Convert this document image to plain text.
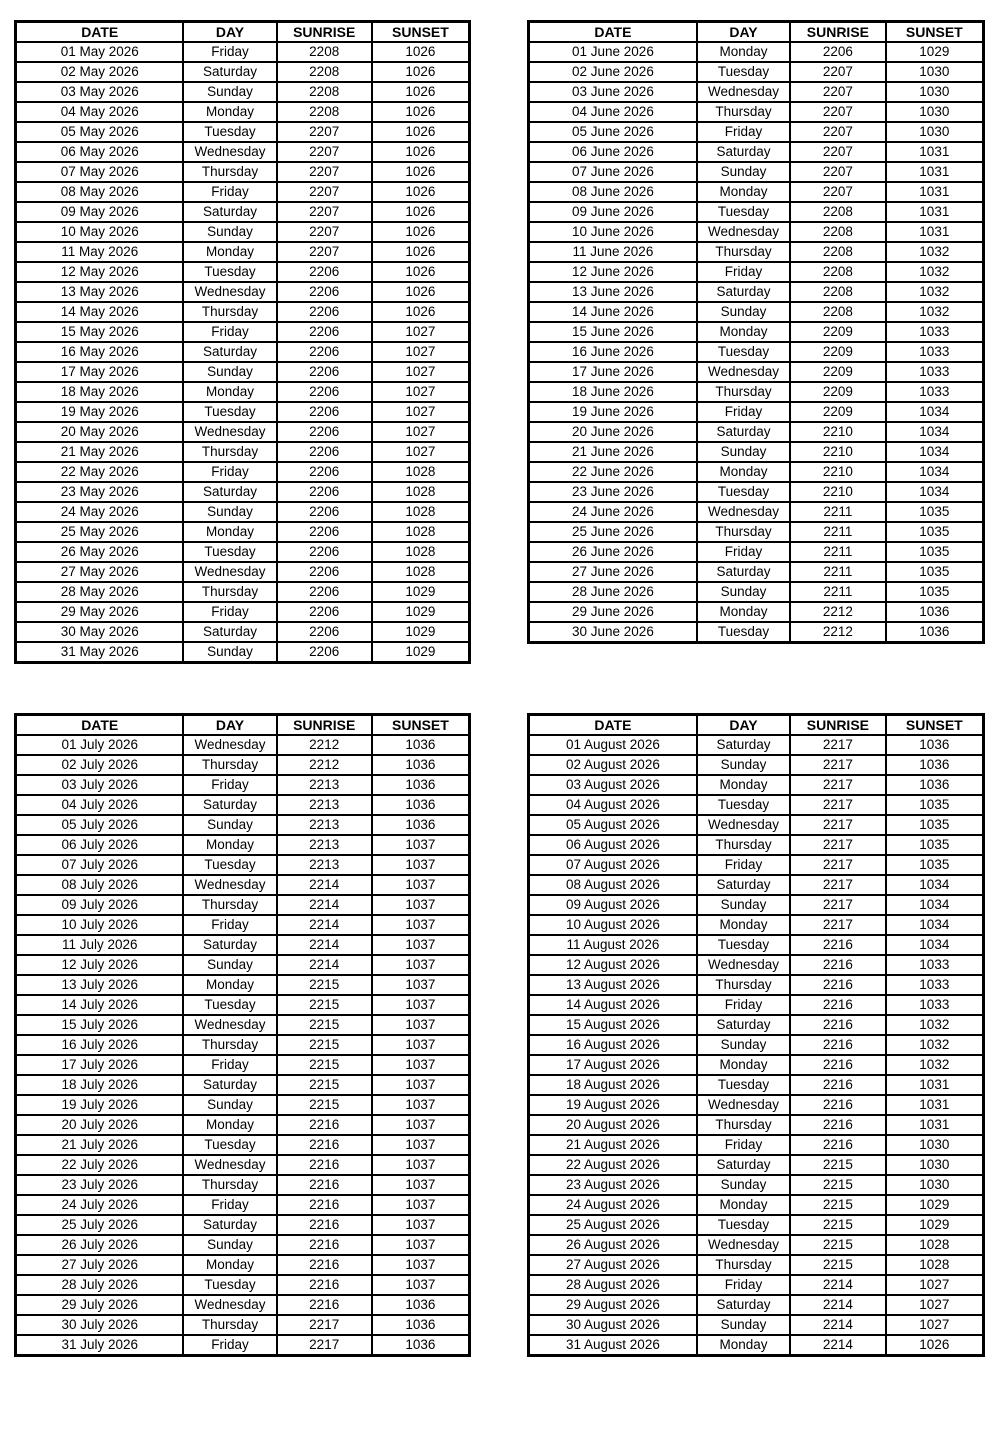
DATE	DAY	SUNRISE	SUNSET
01 May 2026	Friday	2208	1026
02 May 2026	Saturday	2208	1026
03 May 2026	Sunday	2208	1026
04 May 2026	Monday	2208	1026
05 May 2026	Tuesday	2207	1026
06 May 2026	Wednesday	2207	1026
07 May 2026	Thursday	2207	1026
08 May 2026	Friday	2207	1026
09 May 2026	Saturday	2207	1026
10 May 2026	Sunday	2207	1026
11 May 2026	Monday	2207	1026
12 May 2026	Tuesday	2206	1026
13 May 2026	Wednesday	2206	1026
14 May 2026	Thursday	2206	1026
15 May 2026	Friday	2206	1027
16 May 2026	Saturday	2206	1027
17 May 2026	Sunday	2206	1027
18 May 2026	Monday	2206	1027
19 May 2026	Tuesday	2206	1027
20 May 2026	Wednesday	2206	1027
21 May 2026	Thursday	2206	1027
22 May 2026	Friday	2206	1028
23 May 2026	Saturday	2206	1028
24 May 2026	Sunday	2206	1028
25 May 2026	Monday	2206	1028
26 May 2026	Tuesday	2206	1028
27 May 2026	Wednesday	2206	1028
28 May 2026	Thursday	2206	1029
29 May 2026	Friday	2206	1029
30 May 2026	Saturday	2206	1029
31 May 2026	Sunday	2206	1029
DATE	DAY	SUNRISE	SUNSET
01 June 2026	Monday	2206	1029
02 June 2026	Tuesday	2207	1030
03 June 2026	Wednesday	2207	1030
04 June 2026	Thursday	2207	1030
05 June 2026	Friday	2207	1030
06 June 2026	Saturday	2207	1031
07 June 2026	Sunday	2207	1031
08 June 2026	Monday	2207	1031
09 June 2026	Tuesday	2208	1031
10 June 2026	Wednesday	2208	1031
11 June 2026	Thursday	2208	1032
12 June 2026	Friday	2208	1032
13 June 2026	Saturday	2208	1032
14 June 2026	Sunday	2208	1032
15 June 2026	Monday	2209	1033
16 June 2026	Tuesday	2209	1033
17 June 2026	Wednesday	2209	1033
18 June 2026	Thursday	2209	1033
19 June 2026	Friday	2209	1034
20 June 2026	Saturday	2210	1034
21 June 2026	Sunday	2210	1034
22 June 2026	Monday	2210	1034
23 June 2026	Tuesday	2210	1034
24 June 2026	Wednesday	2211	1035
25 June 2026	Thursday	2211	1035
26 June 2026	Friday	2211	1035
27 June 2026	Saturday	2211	1035
28 June 2026	Sunday	2211	1035
29 June 2026	Monday	2212	1036
30 June 2026	Tuesday	2212	1036
DATE	DAY	SUNRISE	SUNSET
01 July 2026	Wednesday	2212	1036
02 July 2026	Thursday	2212	1036
03 July 2026	Friday	2213	1036
04 July 2026	Saturday	2213	1036
05 July 2026	Sunday	2213	1036
06 July 2026	Monday	2213	1037
07 July 2026	Tuesday	2213	1037
08 July 2026	Wednesday	2214	1037
09 July 2026	Thursday	2214	1037
10 July 2026	Friday	2214	1037
11 July 2026	Saturday	2214	1037
12 July 2026	Sunday	2214	1037
13 July 2026	Monday	2215	1037
14 July 2026	Tuesday	2215	1037
15 July 2026	Wednesday	2215	1037
16 July 2026	Thursday	2215	1037
17 July 2026	Friday	2215	1037
18 July 2026	Saturday	2215	1037
19 July 2026	Sunday	2215	1037
20 July 2026	Monday	2216	1037
21 July 2026	Tuesday	2216	1037
22 July 2026	Wednesday	2216	1037
23 July 2026	Thursday	2216	1037
24 July 2026	Friday	2216	1037
25 July 2026	Saturday	2216	1037
26 July 2026	Sunday	2216	1037
27 July 2026	Monday	2216	1037
28 July 2026	Tuesday	2216	1037
29 July 2026	Wednesday	2216	1036
30 July 2026	Thursday	2217	1036
31 July 2026	Friday	2217	1036
DATE	DAY	SUNRISE	SUNSET
01 August 2026	Saturday	2217	1036
02 August 2026	Sunday	2217	1036
03 August 2026	Monday	2217	1036
04 August 2026	Tuesday	2217	1035
05 August 2026	Wednesday	2217	1035
06 August 2026	Thursday	2217	1035
07 August 2026	Friday	2217	1035
08 August 2026	Saturday	2217	1034
09 August 2026	Sunday	2217	1034
10 August 2026	Monday	2217	1034
11 August 2026	Tuesday	2216	1034
12 August 2026	Wednesday	2216	1033
13 August 2026	Thursday	2216	1033
14 August 2026	Friday	2216	1033
15 August 2026	Saturday	2216	1032
16 August 2026	Sunday	2216	1032
17 August 2026	Monday	2216	1032
18 August 2026	Tuesday	2216	1031
19 August 2026	Wednesday	2216	1031
20 August 2026	Thursday	2216	1031
21 August 2026	Friday	2216	1030
22 August 2026	Saturday	2215	1030
23 August 2026	Sunday	2215	1030
24 August 2026	Monday	2215	1029
25 August 2026	Tuesday	2215	1029
26 August 2026	Wednesday	2215	1028
27 August 2026	Thursday	2215	1028
28 August 2026	Friday	2214	1027
29 August 2026	Saturday	2214	1027
30 August 2026	Sunday	2214	1027
31 August 2026	Monday	2214	1026
